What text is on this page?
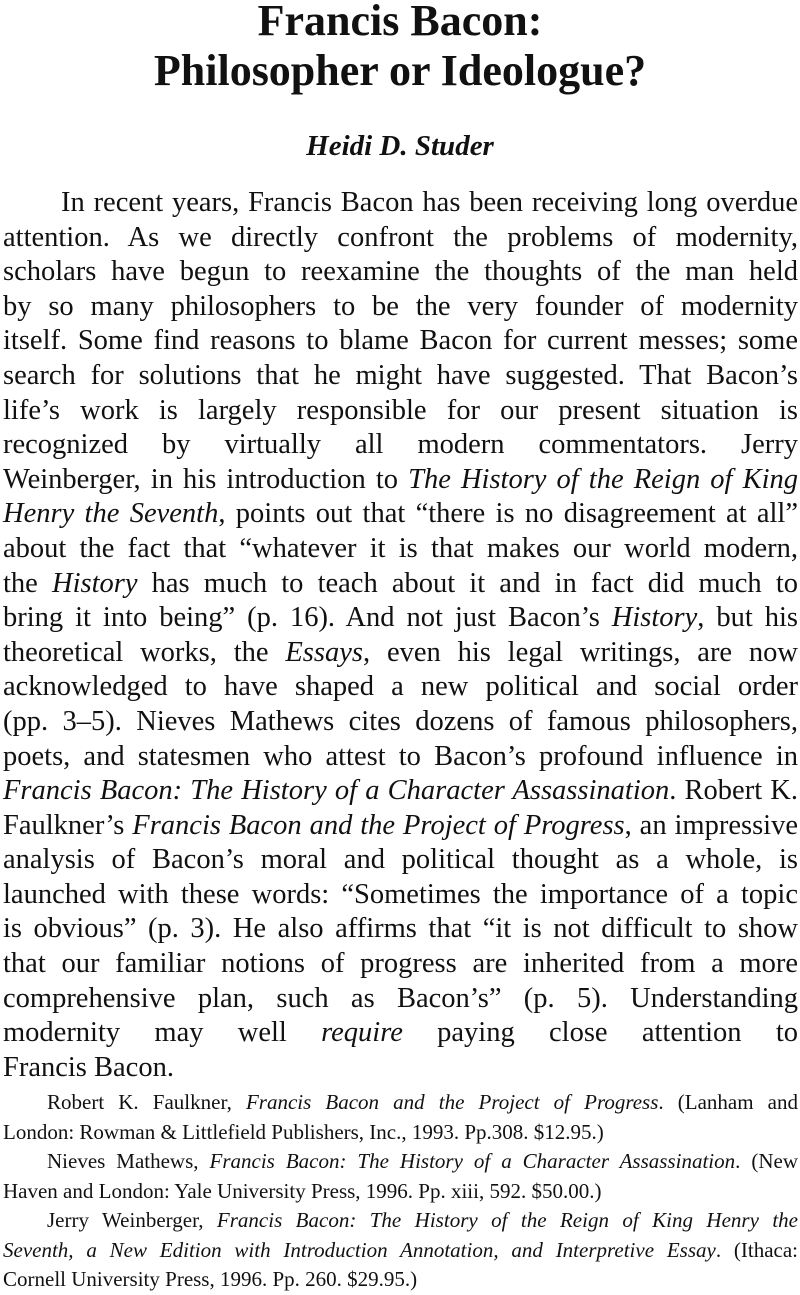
Francis Bacon:
Philosopher or Ideologue?
Heidi D. Studer
In recent years, Francis Bacon has been receiving long overdue
attention. As we directly confront the problems of modernity,
scholars have begun to reexamine the thoughts of the man held
by so many philosophers to be the very founder of modernity
itself. Some find reasons to blame Bacon for current messes; some
search for solutions that he might have suggested. That Bacon’s
life’s work is largely responsible for our present situation is
recognized by virtually all modern commentators. Jerry
Weinberger, in his introduction to The History of the Reign of King
Henry the Seventh, points out that “there is no disagreement at all”
about the fact that “whatever it is that makes our world modern,
the History has much to teach about it and in fact did much to
bring it into being” (p. 16). And not just Bacon’s History, but his
theoretical works, the Essays, even his legal writings, are now
acknowledged to have shaped a new political and social order
(pp. 3–5). Nieves Mathews cites dozens of famous philosophers,
poets, and statesmen who attest to Bacon’s profound influence in
Francis Bacon: The History of a Character Assassination. Robert K.
Faulkner’s Francis Bacon and the Project of Progress, an impressive
analysis of Bacon’s moral and political thought as a whole, is
launched with these words: “Sometimes the importance of a topic
is obvious” (p. 3). He also affirms that “it is not difficult to show
that our familiar notions of progress are inherited from a more
comprehensive plan, such as Bacon’s” (p. 5). Understanding
modernity may well require paying close attention to
Francis Bacon.
Robert K. Faulkner, Francis Bacon and the Project of Progress. (Lanham and
London: Rowman & Littlefield Publishers, Inc., 1993. Pp.308. $12.95.)
Nieves Mathews, Francis Bacon: The History of a Character Assassination. (New
Haven and London: Yale University Press, 1996. Pp. xiii, 592. $50.00.)
Jerry Weinberger, Francis Bacon: The History of the Reign of King Henry the
Seventh, a New Edition with Introduction Annotation, and Interpretive Essay. (Ithaca:
Cornell University Press, 1996. Pp. 260. $29.95.)
